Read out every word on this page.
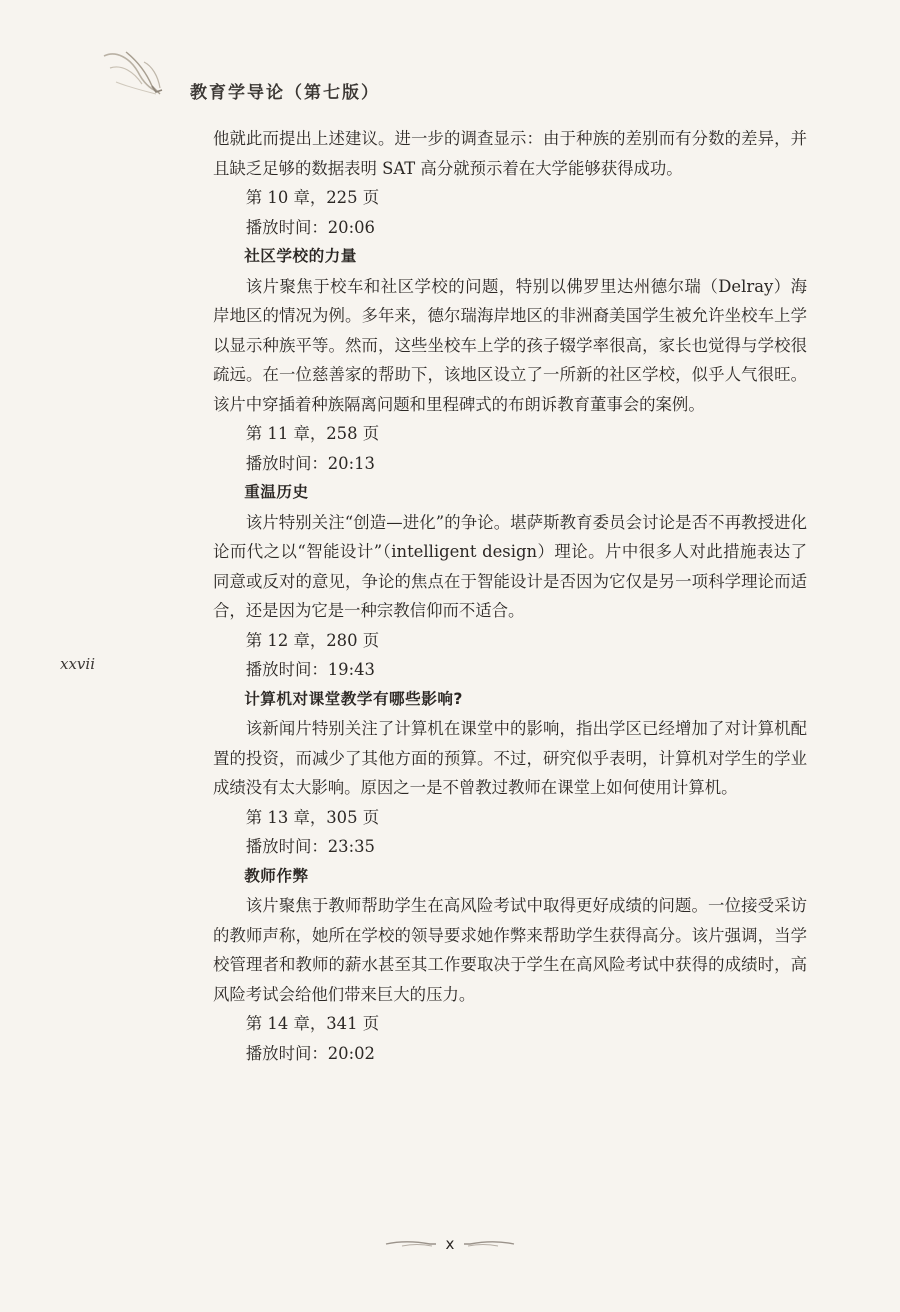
教育学导论（第七版）

他就此而提出上述建议。进一步的调查显示：由于种族的差别而有分数的差异，并且缺乏足够的数据表明 SAT 高分就预示着在大学能够获得成功。

第 10 章，225 页

播放时间：20:06

社区学校的力量

该片聚焦于校车和社区学校的问题，特别以佛罗里达州德尔瑞（Delray）海岸地区的情况为例。多年来，德尔瑞海岸地区的非洲裔美国学生被允许坐校车上学以显示种族平等。然而，这些坐校车上学的孩子辍学率很高，家长也觉得与学校很疏远。在一位慈善家的帮助下，该地区设立了一所新的社区学校，似乎人气很旺。该片中穿插着种族隔离问题和里程碑式的布朗诉教育董事会的案例。

第 11 章，258 页

播放时间：20:13

重温历史

该片特别关注“创造—进化”的争论。堪萨斯教育委员会讨论是否不再教授进化论而代之以“智能设计”（intelligent design）理论。片中很多人对此措施表达了同意或反对的意见，争论的焦点在于智能设计是否因为它仅是另一项科学理论而适合，还是因为它是一种宗教信仰而不适合。

第 12 章，280 页

播放时间：19:43

计算机对课堂教学有哪些影响?

该新闻片特别关注了计算机在课堂中的影响，指出学区已经增加了对计算机配置的投资，而减少了其他方面的预算。不过，研究似乎表明，计算机对学生的学业成绩没有太大影响。原因之一是不曾教过教师在课堂上如何使用计算机。

第 13 章，305 页

播放时间：23:35

教师作弊

该片聚焦于教师帮助学生在高风险考试中取得更好成绩的问题。一位接受采访的教师声称，她所在学校的领导要求她作弊来帮助学生获得高分。该片强调，当学校管理者和教师的薪水甚至其工作要取决于学生在高风险考试中获得的成绩时，高风险考试会给他们带来巨大的压力。

第 14 章，341 页

播放时间：20:02

xxvii
x
